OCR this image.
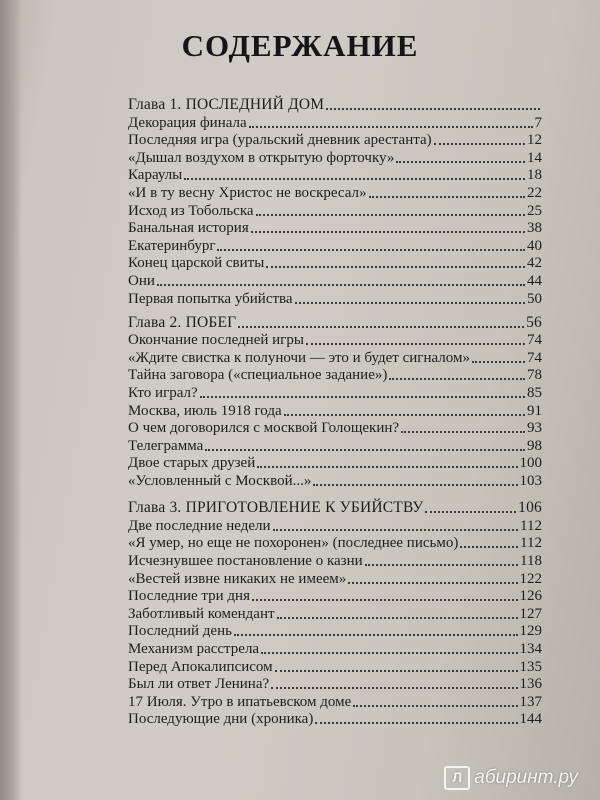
СОДЕРЖАНИЕ
Глава 1. ПОСЛЕДНИЙ ДОМ
Декорация финала	7
Последняя игра (уральский дневник арестанта)	12
«Дышал воздухом в открытую форточку»	14
Караулы	18
«И в ту весну Христос не воскресал»	22
Исход из Тобольска	25
Банальная история	38
Екатеринбург	40
Конец царской свиты	42
Они	44
Первая попытка убийства	50
Глава 2. ПОБЕГ	56
Окончание последней игры	74
«Ждите свистка к полуночи — это и будет сигналом»	74
Тайна заговора («специальное задание»)	78
Кто играл?	85
Москва, июль 1918 года	91
О чем договорился с москвой Голощекин?	93
Телеграмма	98
Двое старых друзей	100
«Условленный с Москвой...»	103
Глава 3. ПРИГОТОВЛЕНИЕ К УБИЙСТВУ	106
Две последние недели	112
«Я умер, но еще не похоронен» (последнее письмо)	112
Исчезнувшее постановление о казни	118
«Вестей извне никаких не имеем»	122
Последние три дня	126
Заботливый комендант	127
Последний день	129
Механизм расстрела	134
Перед Апокалипсисом	135
Был ли ответ Ленина?	136
17 Июля. Утро в ипатьевском доме	137
Последующие дни (хроника)	144
Л абиринт.ру
